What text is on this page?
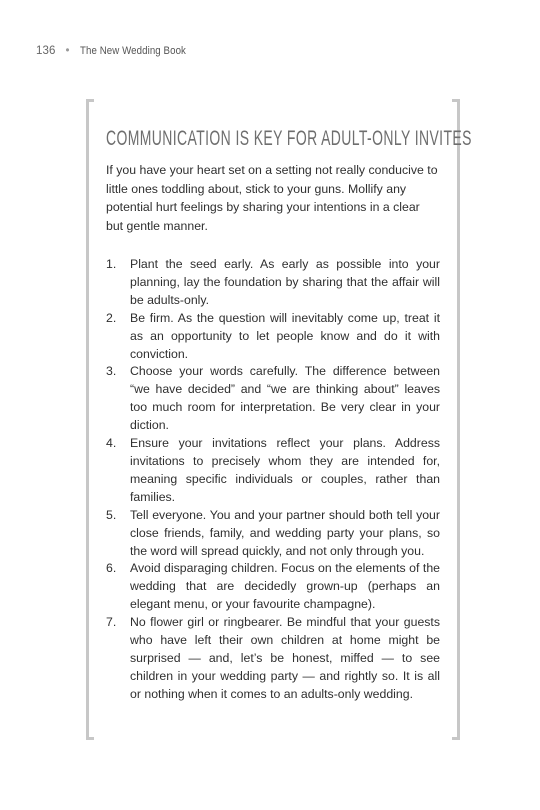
136 • The New Wedding Book
COMMUNICATION IS KEY FOR ADULT-ONLY INVITES

If you have your heart set on a setting not really conducive to little ones toddling about, stick to your guns. Mollify any potential hurt feelings by sharing your intentions in a clear but gentle manner.

1. Plant the seed early. As early as possible into your planning, lay the foundation by sharing that the affair will be adults-only.
2. Be firm. As the question will inevitably come up, treat it as an opportunity to let people know and do it with conviction.
3. Choose your words carefully. The difference between “we have decided” and “we are thinking about” leaves too much room for interpretation. Be very clear in your diction.
4. Ensure your invitations reflect your plans. Address invitations to precisely whom they are intended for, meaning specific individuals or couples, rather than families.
5. Tell everyone. You and your partner should both tell your close friends, family, and wedding party your plans, so the word will spread quickly, and not only through you.
6. Avoid disparaging children. Focus on the elements of the wedding that are decidedly grown-up (perhaps an elegant menu, or your favourite champagne).
7. No flower girl or ringbearer. Be mindful that your guests who have left their own children at home might be surprised — and, let’s be honest, miffed — to see children in your wedding party — and rightly so. It is all or nothing when it comes to an adults-only wedding.
